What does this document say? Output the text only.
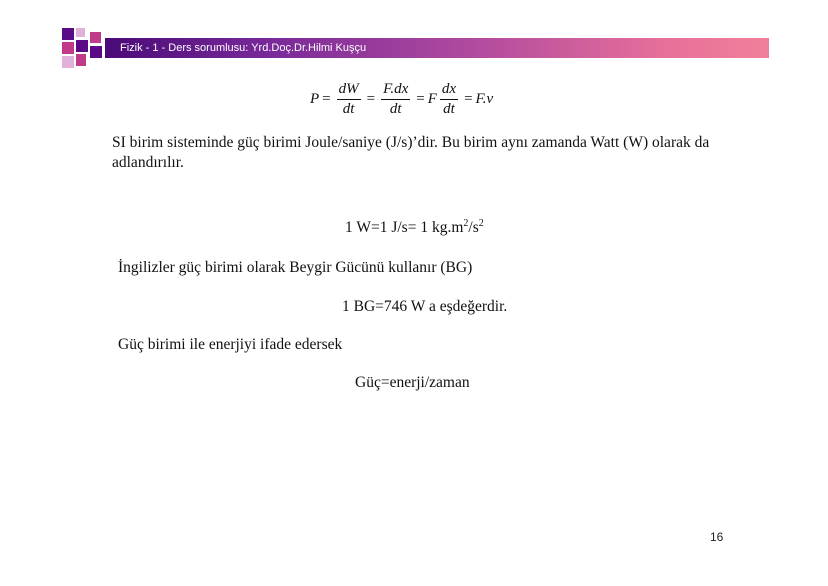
Fizik - 1 - Ders sorumlusu: Yrd.Doç.Dr.Hilmi Kuşçu
$P = \frac{dW}{dt} = \frac{F.dx}{dt} = F \frac{dx}{dt} = F.v$
SI birim sisteminde güç birimi Joule/saniye (J/s)’dir. Bu birim aynı zamanda Watt (W) olarak da adlandırılır.
1 W=1 J/s= 1 $kg.m^2/s^2$
İngilizler güç birimi olarak Beygir Gücünü kullanır (BG)
1 BG=746 W a eşdeğerdir.
Güç birimi ile enerjiyi ifade edersek
Güç=enerji/zaman
16
